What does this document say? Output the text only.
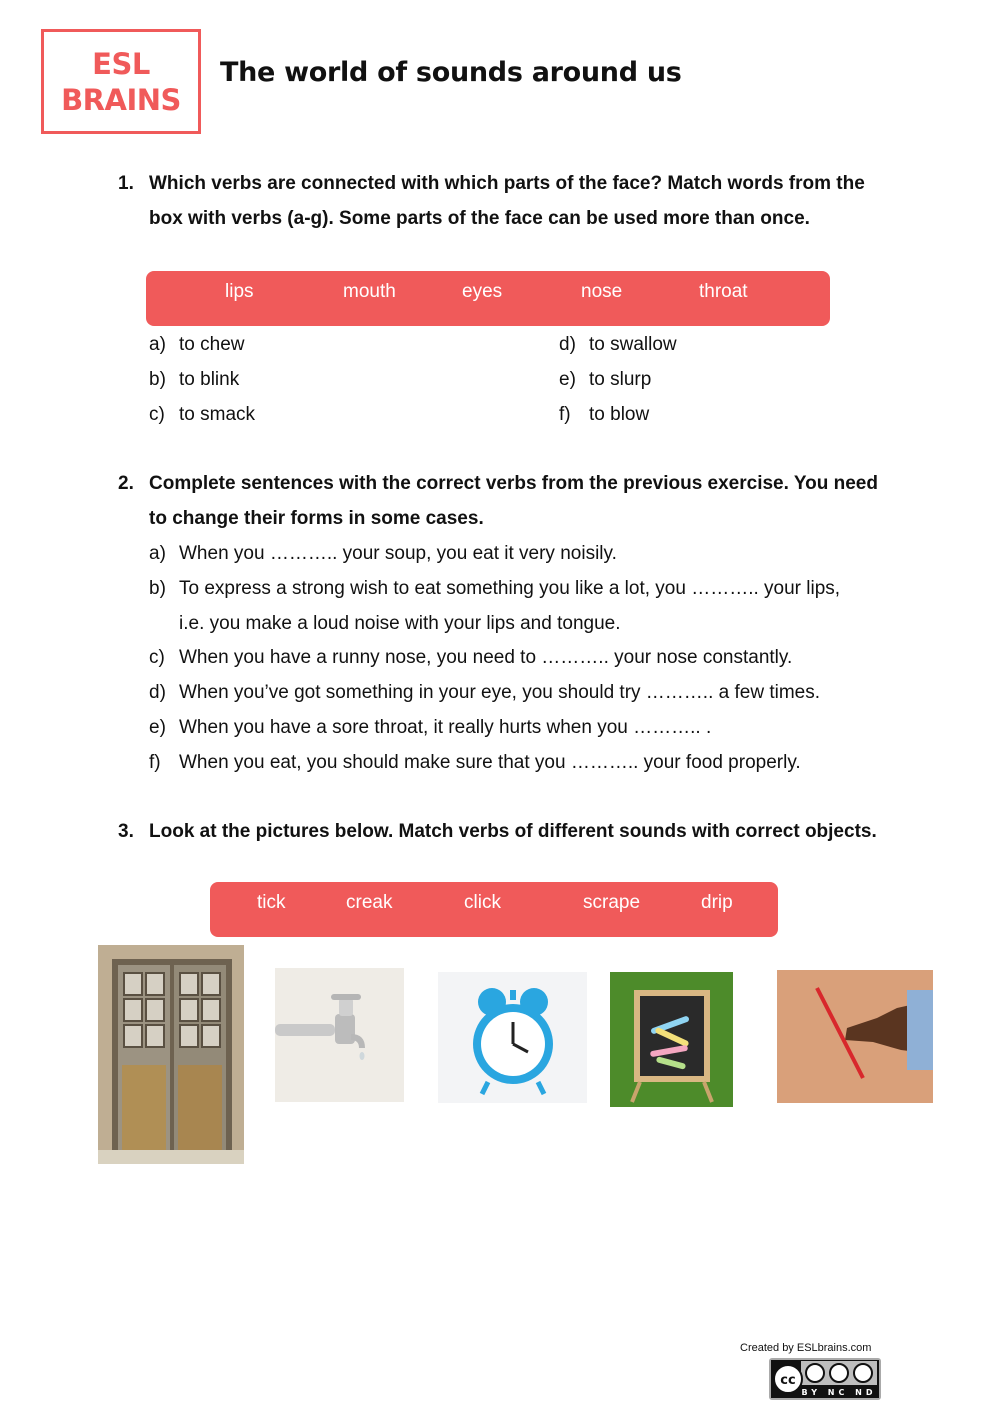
ESL
BRAINS
The world of sounds around us
1. Which verbs are connected with which parts of the face? Match words from the box with verbs (a-g). Some parts of the face can be used more than once.
lips	mouth	eyes	nose	throat
a) to chew
b) to blink
c) to smack
d) to swallow
e) to slurp
f) to blow
2. Complete sentences with the correct verbs from the previous exercise. You need to change their forms in some cases.
a) When you ……….. your soup, you eat it very noisily.
b) To express a strong wish to eat something you like a lot, you ……….. your lips, i.e. you make a loud noise with your lips and tongue.
c) When you have a runny nose, you need to ……….. your nose constantly.
d) When you’ve got something in your eye, you should try ……….. a few times.
e) When you have a sore throat, it really hurts when you ……….. .
f) When you eat, you should make sure that you ……….. your food properly.
3. Look at the pictures below. Match verbs of different sounds with correct objects.
tick	creak	click	scrape	drip
Created by ESLbrains.com
cc
BY NC ND
